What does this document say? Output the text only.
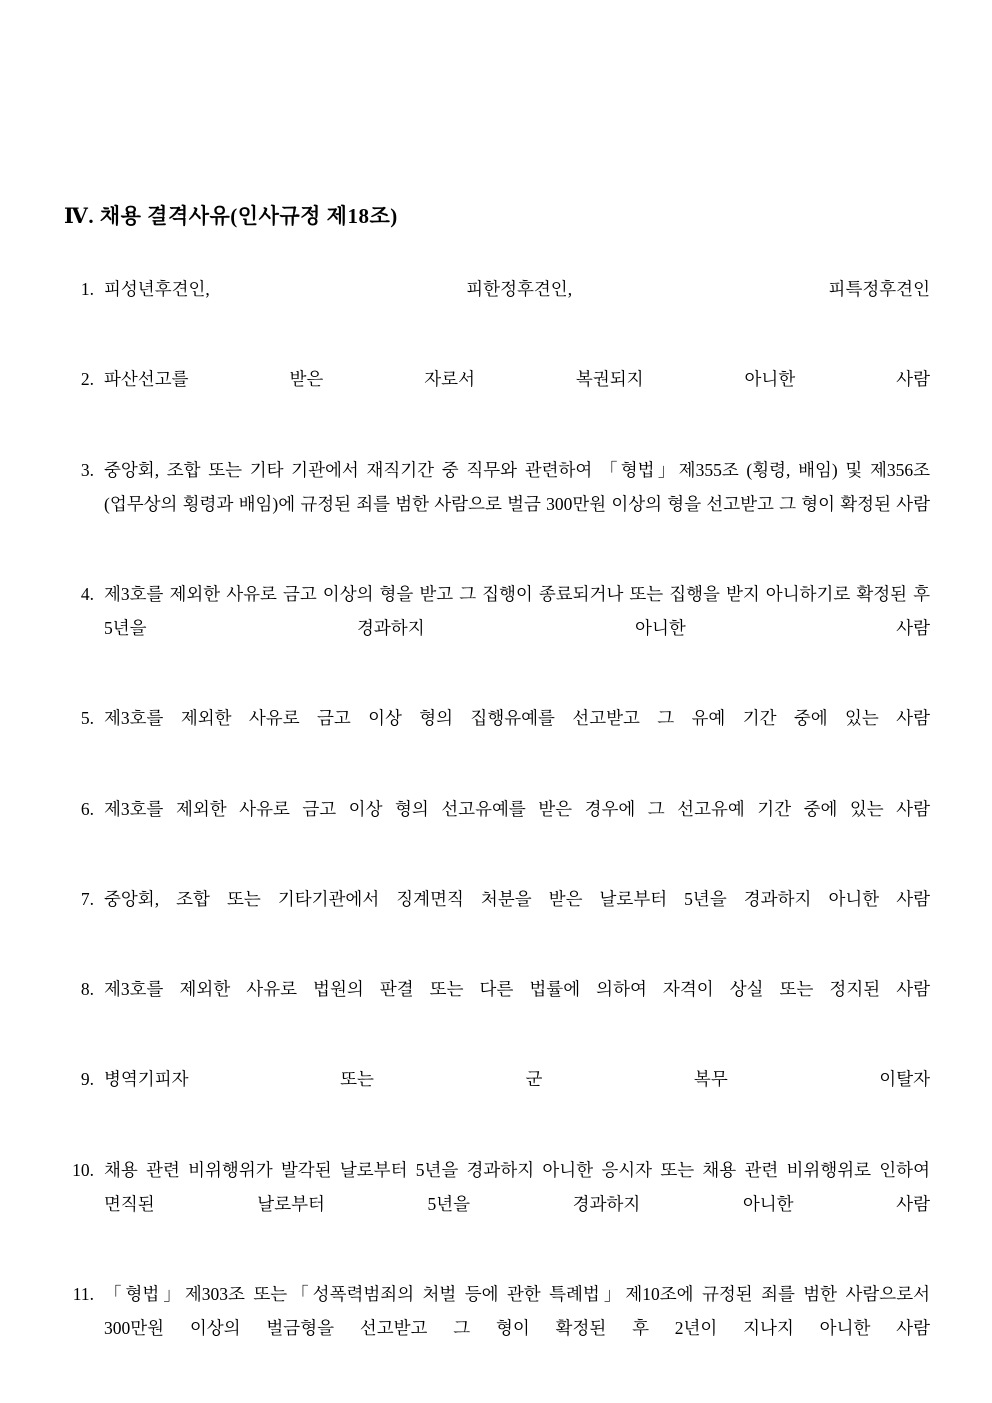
Ⅳ. 채용 결격사유(인사규정 제18조)
1. 피성년후견인, 피한정후견인, 피특정후견인
2. 파산선고를 받은 자로서 복권되지 아니한 사람
3. 중앙회, 조합 또는 기타 기관에서 재직기간 중 직무와 관련하여 「형법」제355조 (횡령, 배임) 및 제356조(업무상의 횡령과 배임)에 규정된 죄를 범한 사람으로 벌금 300만원 이상의 형을 선고받고 그 형이 확정된 사람
4. 제3호를 제외한 사유로 금고 이상의 형을 받고 그 집행이 종료되거나 또는 집행을 받지 아니하기로 확정된 후 5년을 경과하지 아니한 사람
5. 제3호를 제외한 사유로 금고 이상 형의 집행유예를 선고받고 그 유예 기간 중에 있는 사람
6. 제3호를 제외한 사유로 금고 이상 형의 선고유예를 받은 경우에 그 선고유예 기간 중에 있는 사람
7. 중앙회, 조합 또는 기타기관에서 징계면직 처분을 받은 날로부터 5년을 경과하지 아니한 사람
8. 제3호를 제외한 사유로 법원의 판결 또는 다른 법률에 의하여 자격이 상실 또는 정지된 사람
9. 병역기피자 또는 군 복무 이탈자
10. 채용 관련 비위행위가 발각된 날로부터 5년을 경과하지 아니한 응시자 또는 채용 관련 비위행위로 인하여 면직된 날로부터 5년을 경과하지 아니한 사람
11. 「형법」제303조 또는「성폭력범죄의 처벌 등에 관한 특례법」제10조에 규정된 죄를 범한 사람으로서 300만원 이상의 벌금형을 선고받고 그 형이 확정된 후 2년이 지나지 아니한 사람
